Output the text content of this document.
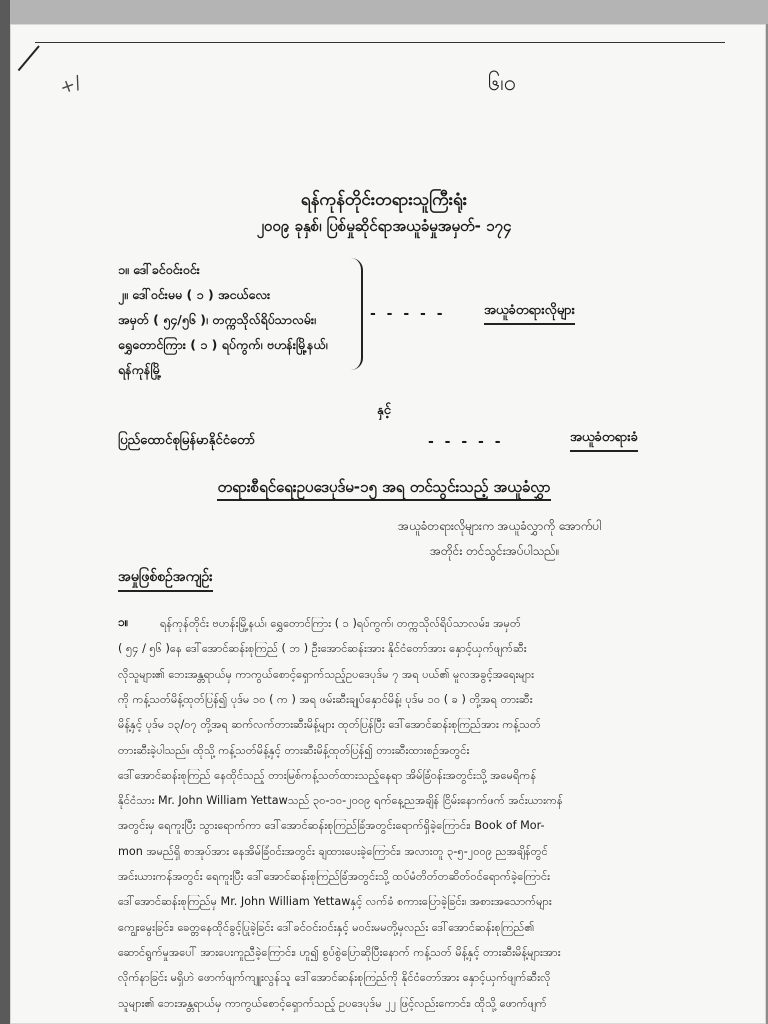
+/	၆၊၀
ရန်ကုန်တိုင်းတရားသူကြီးရုံး
၂၀၀၉ ခုနှစ်၊ ပြစ်မှုဆိုင်ရာအယူခံမှုအမှတ်- ၁၇၄
၁။ ဒေါ်ခင်ဝင်းဝင်း
၂။ ဒေါ်ဝင်းမမ ( ၁ ) အငယ်လေး
အမှတ် ( ၅၄/၅၆ )၊ တက္ကသိုလ်ရိပ်သာလမ်း၊
ရွှေတောင်ကြား ( ၁ ) ရပ်ကွက်၊ ဗဟန်းမြို့နယ်၊
ရန်ကုန်မြို့
- - - - -	အယူခံတရားလိုများ
နှင့်
ပြည်ထောင်စုမြန်မာနိုင်ငံတော်	- - - - -	အယူခံတရားခံ
တရားစီရင်ရေးဥပဒေပုဒ်မ-၁၅ အရ တင်သွင်းသည့် အယူခံလွှာ
အယူခံတရားလိုများက အယူခံလွှာကို အောက်ပါ
အတိုင်း တင်သွင်းအပ်ပါသည်။
အမှုဖြစ်စဉ်အကျဉ်း
၁။	ရန်ကုန်တိုင်း ဗဟန်းမြို့နယ်၊ ရွှေတောင်ကြား ( ၁ )ရပ်ကွက်၊ တက္ကသိုလ်ရိပ်သာလမ်း၊ အမှတ်
( ၅၄ / ၅၆ )နေ ဒေါ်အောင်ဆန်းစုကြည် ( ဘ ) ဦးအောင်ဆန်းအား နိုင်ငံတော်အား နှောင့်ယှက်ဖျက်ဆီး
လိုသူများ၏ ဘေးအန္တရာယ်မှ ကာကွယ်စောင့်ရှောက်သည့်ဥပဒေပုဒ်မ ၇ အရ ပယ်၏ မူလအခွင့်အရေးများ
ကို ကန့်သတ်မိန့်ထုတ်ပြန်၍ ပုဒ်မ ၁၀ ( က ) အရ ဖမ်းဆီးချုပ်နှောင်မိန့်၊ ပုဒ်မ ၁၀ ( ခ ) တို့အရ တားဆီး
မိန့်နှင့် ပုဒ်မ ၁၃/၀၇ တို့အရ ဆက်လက်တားဆီးမိန့်များ ထုတ်ပြန်ပြီး ဒေါ်အောင်ဆန်းစုကြည်အား ကန့်သတ်
တားဆီးခဲ့ပါသည်။ ထိုသို့ ကန့်သတ်မိန့်နှင့် တားဆီးမိန့်ထုတ်ပြန်၍ တားဆီးထားစဉ်အတွင်း
ဒေါ်အောင်ဆန်းစုကြည် နေထိုင်သည့် တားမြစ်ကန့်သတ်ထားသည့်နေရာ အိမ်ခြံဝန်းအတွင်းသို့ အမေရိကန်
နိုင်ငံသား Mr. John William Yettawသည် ၃၀-၁၀-၂၀၀၉ ရက်နေ့ညအချိန် ငြိမ်းနောက်ဖက် အင်းယားကန်
အတွင်းမှ ရေကူးပြီး သွားရောက်ကာ ဒေါ်အောင်ဆန်းစုကြည်ခြံအတွင်းရောက်ရှိခဲ့ကြောင်း၊ Book of Mor-
mon အမည်ရှိ စာအုပ်အား နေအိမ်ခြံဝင်းအတွင်း ချထားပေးခဲ့ကြောင်း၊ အလားတူ ၃-၅-၂၀၀၉ ညအချိန်တွင်
အင်းယားကန်အတွင်း ရေကူးပြီး ဒေါ်အောင်ဆန်းစုကြည်ခြံအတွင်းသို့ ထပ်မံတိတ်တဆိတ်ဝင်ရောက်ခဲ့ကြောင်း
ဒေါ်အောင်ဆန်းစုကြည်မှ Mr. John William Yettawနှင့် လက်ခံ စကားပြောခဲ့ခြင်း၊ အစားအသောက်များ
ကျွေးမွေးခြင်း၊ ခေတ္တနေထိုင်ခွင့်ပြုခဲ့ခြင်း ဒေါ်ခင်ဝင်းဝင်းနှင့် မဝင်းမမတို့မှလည်း ဒေါ်အောင်ဆန်းစုကြည်၏
ဆောင်ရွက်မှုအပေါ် အားပေးကူညီခဲ့ကြောင်း၊ ဟူ၍ စွပ်စွဲပြောဆိုပြီးနောက် ကန့်သတ် မိန့်နှင့် တားဆီးမိန့်များအား
လိုက်နာခြင်း မရှိဟဲ ဖောက်ဖျက်ကျူးလွန်သူ ဒေါ်အောင်ဆန်းစုကြည်ကို နိုင်ငံတော်အား နှောင့်ယှက်ဖျက်ဆီးလို
သူများ၏ ဘေးအန္တရာယ်မှ ကာကွယ်စောင့်ရှောက်သည့် ဥပဒေပုဒ်မ ၂၂ ဖြင့်လည်းကောင်း၊ ထိုသို့ ဖောက်ဖျက်
